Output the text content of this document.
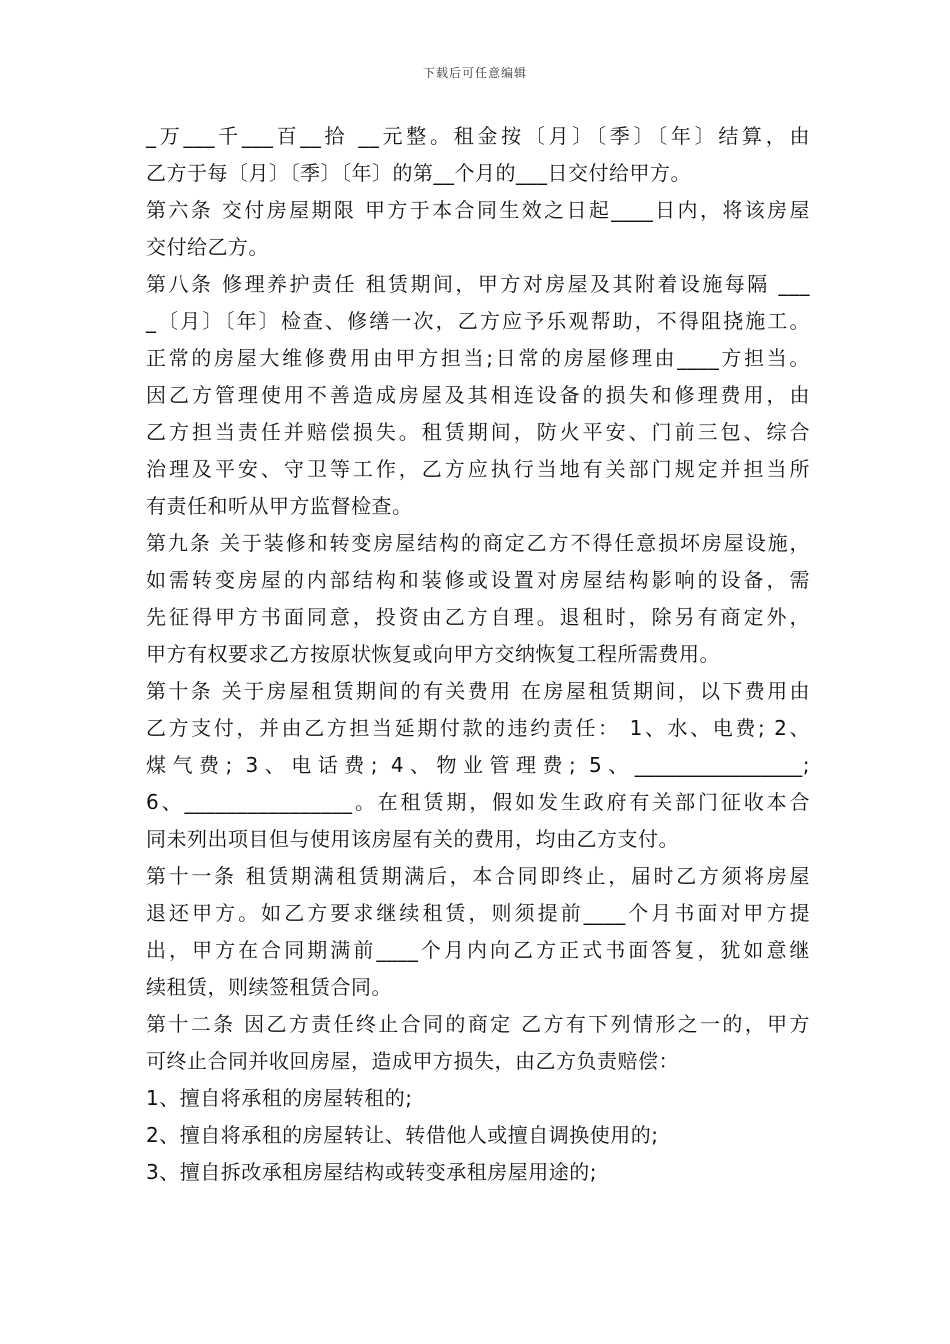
下载后可任意编辑
_万___千___百__拾 __元整。租金按〔月〕〔季〕〔年〕结算，由
乙方于每〔月〕〔季〕〔年〕的第__个月的___日交付给甲方。
第六条 交付房屋期限 甲方于本合同生效之日起____日内，将该房屋
交付给乙方。
第八条 修理养护责任 租赁期间，甲方对房屋及其附着设施每隔 ___
_〔月〕〔年〕检查、修缮一次，乙方应予乐观帮助，不得阻挠施工。
正常的房屋大维修费用由甲方担当;日常的房屋修理由____方担当。
因乙方管理使用不善造成房屋及其相连设备的损失和修理费用，由
乙方担当责任并赔偿损失。租赁期间，防火平安、门前三包、综合
治理及平安、守卫等工作，乙方应执行当地有关部门规定并担当所
有责任和听从甲方监督检查。
第九条 关于装修和转变房屋结构的商定乙方不得任意损坏房屋设施，
如需转变房屋的内部结构和装修或设置对房屋结构影响的设备，需
先征得甲方书面同意，投资由乙方自理。退租时，除另有商定外，
甲方有权要求乙方按原状恢复或向甲方交纳恢复工程所需费用。
第十条 关于房屋租赁期间的有关费用 在房屋租赁期间，以下费用由
乙方支付，并由乙方担当延期付款的违约责任： 1、水、电费; 2、
煤气费; 3、电话费; 4、物业管理费; 5、________________;
6、________________。在租赁期，假如发生政府有关部门征收本合
同未列出项目但与使用该房屋有关的费用，均由乙方支付。
第十一条 租赁期满租赁期满后，本合同即终止，届时乙方须将房屋
退还甲方。如乙方要求继续租赁，则须提前____个月书面对甲方提
出，甲方在合同期满前____个月内向乙方正式书面答复，犹如意继
续租赁，则续签租赁合同。
第十二条 因乙方责任终止合同的商定 乙方有下列情形之一的，甲方
可终止合同并收回房屋，造成甲方损失，由乙方负责赔偿：
1、擅自将承租的房屋转租的;
2、擅自将承租的房屋转让、转借他人或擅自调换使用的;
3、擅自拆改承租房屋结构或转变承租房屋用途的;
